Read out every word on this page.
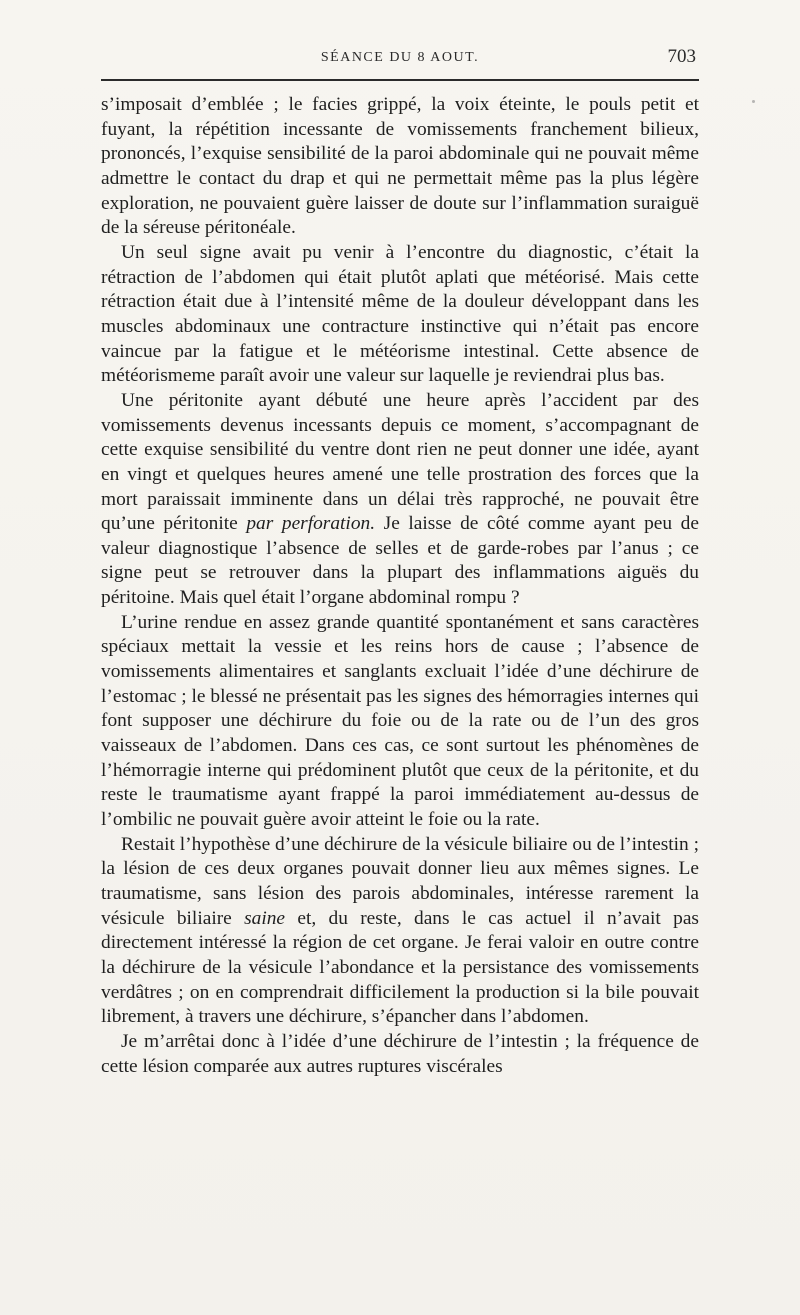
SÉANCE DU 8 AOUT.	703

s’imposait d’emblée ; le facies grippé, la voix éteinte, le pouls petit et fuyant, la répétition incessante de vomissements franchement bilieux, prononcés, l’exquise sensibilité de la paroi abdominale qui ne pouvait même admettre le contact du drap et qui ne permettait même pas la plus légère exploration, ne pouvaient guère laisser de doute sur l’inflammation suraiguë de la séreuse péritonéale.

Un seul signe avait pu venir à l’encontre du diagnostic, c’était la rétraction de l’abdomen qui était plutôt aplati que météorisé. Mais cette rétraction était due à l’intensité même de la douleur développant dans les muscles abdominaux une contracture instinctive qui n’était pas encore vaincue par la fatigue et le météorisme intestinal. Cette absence de météorismeme paraît avoir une valeur sur laquelle je reviendrai plus bas.

Une péritonite ayant débuté une heure après l’accident par des vomissements devenus incessants depuis ce moment, s’accompagnant de cette exquise sensibilité du ventre dont rien ne peut donner une idée, ayant en vingt et quelques heures amené une telle prostration des forces que la mort paraissait imminente dans un délai très rapproché, ne pouvait être qu’une péritonite par perforation. Je laisse de côté comme ayant peu de valeur diagnostique l’absence de selles et de garde-robes par l’anus ; ce signe peut se retrouver dans la plupart des inflammations aiguës du péritoine. Mais quel était l’organe abdominal rompu ?

L’urine rendue en assez grande quantité spontanément et sans caractères spéciaux mettait la vessie et les reins hors de cause ; l’absence de vomissements alimentaires et sanglants excluait l’idée d’une déchirure de l’estomac ; le blessé ne présentait pas les signes des hémorragies internes qui font supposer une déchirure du foie ou de la rate ou de l’un des gros vaisseaux de l’abdomen. Dans ces cas, ce sont surtout les phénomènes de l’hémorragie interne qui prédominent plutôt que ceux de la péritonite, et du reste le traumatisme ayant frappé la paroi immédiatement au-dessus de l’ombilic ne pouvait guère avoir atteint le foie ou la rate.

Restait l’hypothèse d’une déchirure de la vésicule biliaire ou de l’intestin ; la lésion de ces deux organes pouvait donner lieu aux mêmes signes. Le traumatisme, sans lésion des parois abdominales, intéresse rarement la vésicule biliaire saine et, du reste, dans le cas actuel il n’avait pas directement intéressé la région de cet organe. Je ferai valoir en outre contre la déchirure de la vésicule l’abondance et la persistance des vomissements verdâtres ; on en comprendrait difficilement la production si la bile pouvait librement, à travers une déchirure, s’épancher dans l’abdomen.

Je m’arrêtai donc à l’idée d’une déchirure de l’intestin ; la fréquence de cette lésion comparée aux autres ruptures viscérales
